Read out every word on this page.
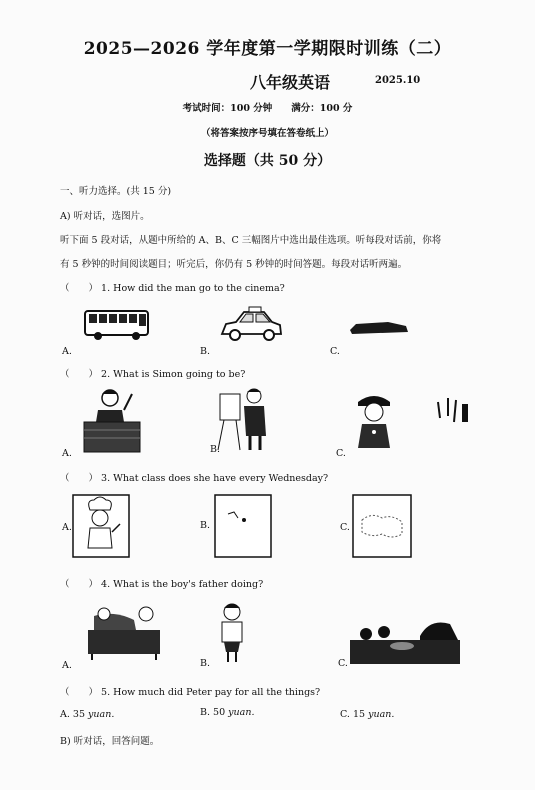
2025—2026 学年度第一学期限时训练（二）
八年级英语	2025.10
考试时间：100 分钟　　满分：100 分
（将答案按序号填在答卷纸上）
选择题（共 50 分）
一、听力选择。(共 15 分)
A) 听对话，选图片。
听下面 5 段对话，从题中所给的 A、B、C 三幅图片中选出最佳选项。听每段对话前，你将
有 5 秒钟的时间阅读题目；听完后，你仍有 5 秒钟的时间答题。每段对话听两遍。
（　　） 1. How did the man go to the cinema?
A.	B.	C.
（　　） 2. What is Simon going to be?
A.	B.	C.
（　　） 3. What class does she have every Wednesday?
A.	B.	C.
（　　） 4. What is the boy's father doing?
A.	B.	C.
（　　） 5. How much did Peter pay for all the things?
A. 35 yuan.	B. 50 yuan.	C. 15 yuan.
B) 听对话，回答问题。
